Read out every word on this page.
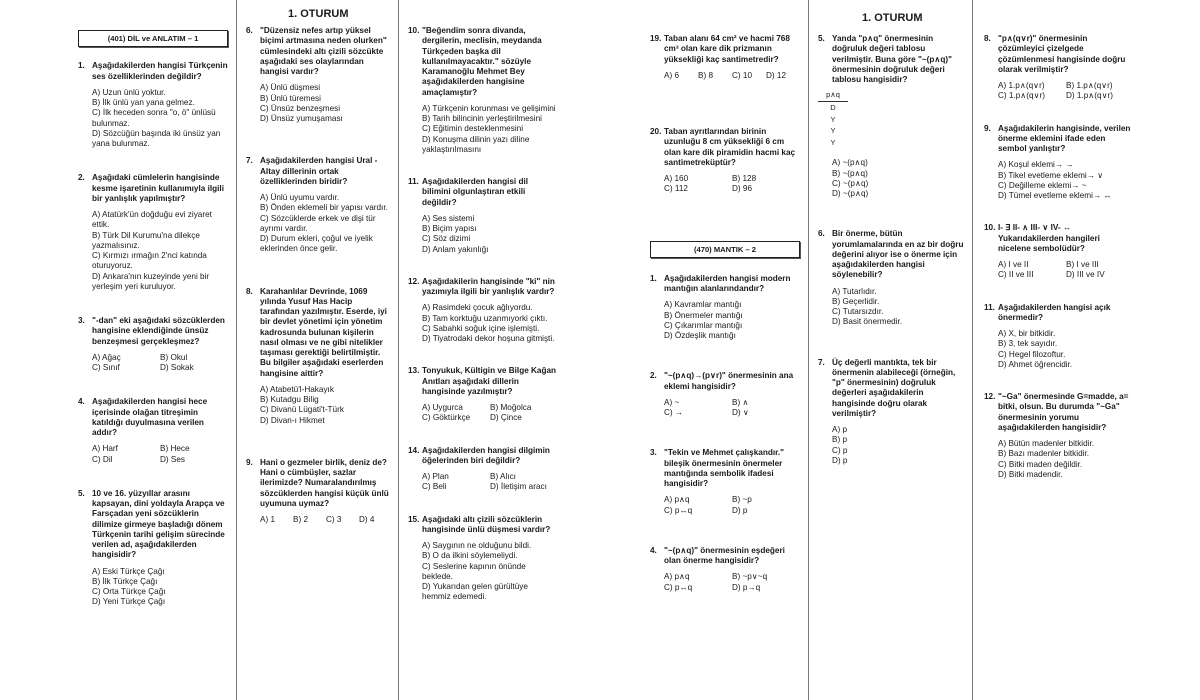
1. OTURUM	1. OTURUM
(401) DİL ve ANLATIM – 1
1. Aşağıdakilerden hangisi Türkçenin ses özelliklerinden değildir?
A) Uzun ünlü yoktur.
B) İlk ünlü yan yana gelmez.
C) İlk heceden sonra "o, ö" ünlüsü bulunmaz.
D) Sözcüğün başında iki ünsüz yan yana bulunmaz.
2. Aşağıdaki cümlelerin hangisinde kesme işaretinin kullanımıyla ilgili bir yanlışlık yapılmıştır?
A) Atatürk'ün doğduğu evi ziyaret ettik.
B) Türk Dil Kurumu'na dilekçe yazmalısınız.
C) Kırmızı ırmağın 2'nci katında oturuyoruz.
D) Ankara'nın kuzeyinde yeni bir yerleşim yeri kuruluyor.
3. "-dan" eki aşağıdaki sözcüklerden hangisine eklendiğinde ünsüz benzeşmesi gerçekleşmez?
A) Ağaç	B) Okul
C) Sınıf	D) Sokak
4. Aşağıdakilerden hangisi hece içerisinde olağan titreşimin katıldığı duyulmasına verilen addır?
A) Harf	B) Hece
C) Dil	D) Ses
5. 10 ve 16. yüzyıllar arasını kapsayan, dini yoldayla Arapça ve Farsçadan yeni sözcüklerin dilimize girmeye başladığı dönem Türkçenin tarihi gelişim sürecinde verilen ad, aşağıdakilerden hangisidir?
A) Eski Türkçe Çağı
B) İlk Türkçe Çağı
C) Orta Türkçe Çağı
D) Yeni Türkçe Çağı
6. "Düzensiz nefes artıp yüksel biçimi artmasına neden olurken" cümlesindeki altı çizili sözcükte aşağıdaki ses olaylarından hangisi vardır?
A) Ünlü düşmesi
B) Ünlü türemesi
C) Ünsüz benzeşmesi
D) Ünsüz yumuşaması
7. Aşağıdakilerden hangisi Ural - Altay dillerinin ortak özelliklerinden biridir?
A) Ünlü uyumu vardır.
B) Önden eklemeli bir yapısı vardır.
C) Sözcüklerde erkek ve dişi tür ayrımı vardır.
D) Durum ekleri, çoğul ve iyelik eklerinden önce gelir.
8. Karahanlılar Devrinde, 1069 yılında Yusuf Has Hacip tarafından yazılmıştır. Eserde, iyi bir devlet yönetimi için yönetim kadrosunda bulunan kişilerin nasıl olması ve ne gibi nitelikler taşıması gerektiği belirtilmiştir. Bu bilgiler aşağıdaki eserlerden hangisine aittir?
A) Atabetü'l-Hakayık
B) Kutadgu Bilig
C) Divanü Lügati't-Türk
D) Divan-ı Hikmet
9. Hani o gezmeler birlik, deniz de? Hani o cümbüşler, sazlar ilerimizde? Numaralandırılmış sözcüklerden hangisi küçük ünlü uyumuna uymaz?
A) 1	B) 2	C) 3	D) 4
10. "Beğendim sonra divanda, dergilerin, meclisin, meydanda Türkçeden başka dil kullanılmayacaktır." sözüyle Karamanoğlu Mehmet Bey aşağıdakilerden hangisine amaçlamıştır?
A) Türkçenin korunması ve gelişimini
B) Tarih bilincinin yerleştirilmesini
C) Eğitimin desteklenmesini
D) Konuşma dilinin yazı diline yaklaştırılmasını
11. Aşağıdakilerden hangisi dil bilimini olgunlaştıran etkili değildir?
A) Ses sistemi
B) Biçim yapısı
C) Söz dizimi
D) Anlam yakınlığı
12. Aşağıdakilerin hangisinde "ki" nin yazımıyla ilgili bir yanlışlık vardır?
A) Rasimdeki çocuk ağlıyordu.
B) Tam korktuğu uzanmıyorki çıktı.
C) Sabahki soğuk içine işlemişti.
D) Tiyatrodaki dekor hoşuna gitmişti.
13. Tonyukuk, Kültigin ve Bilge Kağan Anıtları aşağıdaki dillerin hangisinde yazılmıştır?
A) Uygurca	B) Moğolca
C) Göktürkçe	D) Çince
14. Aşağıdakilerden hangisi dilgimin öğelerinden biri değildir?
A) Plan	B) Alıcı
C) Beli	D) İletişim aracı
15. Aşağıdaki altı çizili sözcüklerin hangisinde ünlü düşmesi vardır?
A) Saygının ne olduğunu bildi.
B) O da ilkini söylemeliydi.
C) Seslerine kapının önünde beklede.
D) Yukarıdan gelen gürültüye hemmiz edemedi.
19. Taban alanı 64 cm² ve hacmi 768 cm³ olan kare dik prizmanın yüksekliği kaç santimetredir?
A) 6	B) 8	C) 10	D) 12
20. Taban ayrıtlarından birinin uzunluğu 8 cm yüksekliği 6 cm olan kare dik piramidin hacmi kaç santimetreküptür?
A) 160	B) 128
C) 112	D) 96
(470) MANTIK – 2
1. Aşağıdakilerden hangisi modern mantığın alanlarındandır?
A) Kavramlar mantığı
B) Önermeler mantığı
C) Çıkarımlar mantığı
D) Özdeşlik mantığı
2. "~(p∧q)→(p∨r)" önermesinin ana eklemi hangisidir?
A) ~	B) ∧
C) →	D) ∨
3. "Tekin ve Mehmet çalışkandır." bileşik önermesinin önermeler mantığında sembolik ifadesi hangisidir?
A) p∧q	B) ~p
C) p↔q	D) p
4. "~(p∧q)" önermesinin eşdeğeri olan önerme hangisidir?
A) p∧q	B) ~p∨~q
C) p↔q	D) p→q
5. Yanda "p∧q" önermesinin doğruluk değeri tablosu verilmiştir. Buna göre "~(p∧q)" önermesinin doğruluk değeri tablosu hangisidir?
p∧q
D
Y
Y
Y
A) ~(p∧q)
B) ~(p∧q)
C) ~(p∧q)
D) ~(p∧q)
6. Bir önerme, bütün yorumlamalarında en az bir doğru değerini alıyor ise o önerme için aşağıdakilerden hangisi söylenebilir?
A) Tutarlıdır.
B) Geçerlidir.
C) Tutarsızdır.
D) Basit önermedir.
7. Üç değerli mantıkta, tek bir önermenin alabileceği (örneğin, "p" önermesinin) doğruluk değerleri aşağıdakilerin hangisinde doğru olarak verilmiştir?
A) p
B) p
C) p
D) p
8. "p∧(q∨r)" önermesinin çözümleyici çizelgede çözümlenmesi hangisinde doğru olarak verilmiştir?
A) 1.p∧(q∨r)	B) 1.p∧(q∨r)
C) 1.p∧(q∨r)	D) 1.p∧(q∨r)
9. Aşağıdakilerin hangisinde, verilen önerme eklemini ifade eden sembol yanlıştır?
A) Koşul eklemi→ →
B) Tikel evetleme eklemi→ ∨
C) Değilleme eklemi→ ~
D) Tümel evetleme eklemi→ ↔
10. I- ∃ II- ∧ III- ∨ IV- ↔ Yukarıdakilerden hangileri nicelene sembolüdür?
A) I ve II	B) I ve III
C) II ve III	D) III ve IV
11. Aşağıdakilerden hangisi açık önermedir?
A) X, bir bitkidir.
B) 3, tek sayıdır.
C) Hegel filozoftur.
D) Ahmet öğrencidir.
12. "~Ga" önermesinde G=madde, a= bitki, olsun. Bu durumda "~Ga" önermesinin yorumu aşağıdakilerden hangisidir?
A) Bütün madenler bitkidir.
B) Bazı madenler bitkidir.
C) Bitki maden değildir.
D) Bitki madendir.
